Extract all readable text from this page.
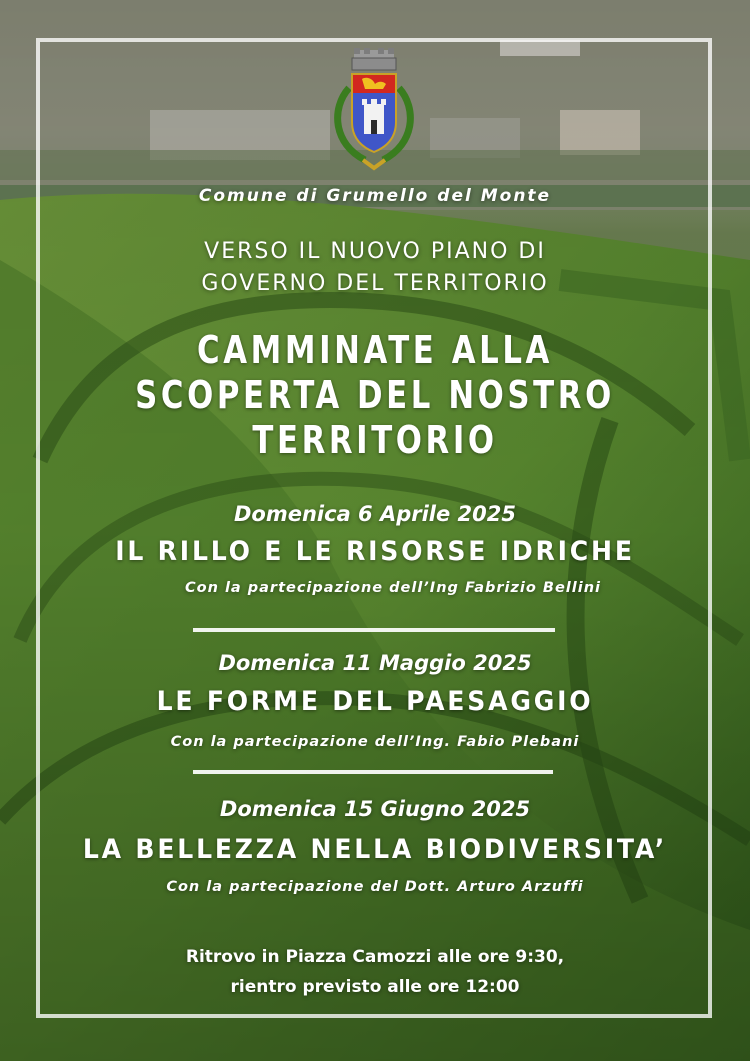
Comune di Grumello del Monte
VERSO IL NUOVO PIANO DI
GOVERNO DEL TERRITORIO
CAMMINATE ALLA
SCOPERTA DEL NOSTRO
TERRITORIO
Domenica 6 Aprile 2025
IL RILLO E LE RISORSE IDRICHE
Con la partecipazione dell’Ing Fabrizio Bellini
Domenica 11 Maggio 2025
LE FORME DEL PAESAGGIO
Con la partecipazione dell’Ing. Fabio Plebani
Domenica 15 Giugno 2025
LA BELLEZZA NELLA BIODIVERSITA’
Con la partecipazione del Dott. Arturo Arzuffi
Ritrovo in Piazza Camozzi alle ore 9:30,
rientro previsto alle ore 12:00
